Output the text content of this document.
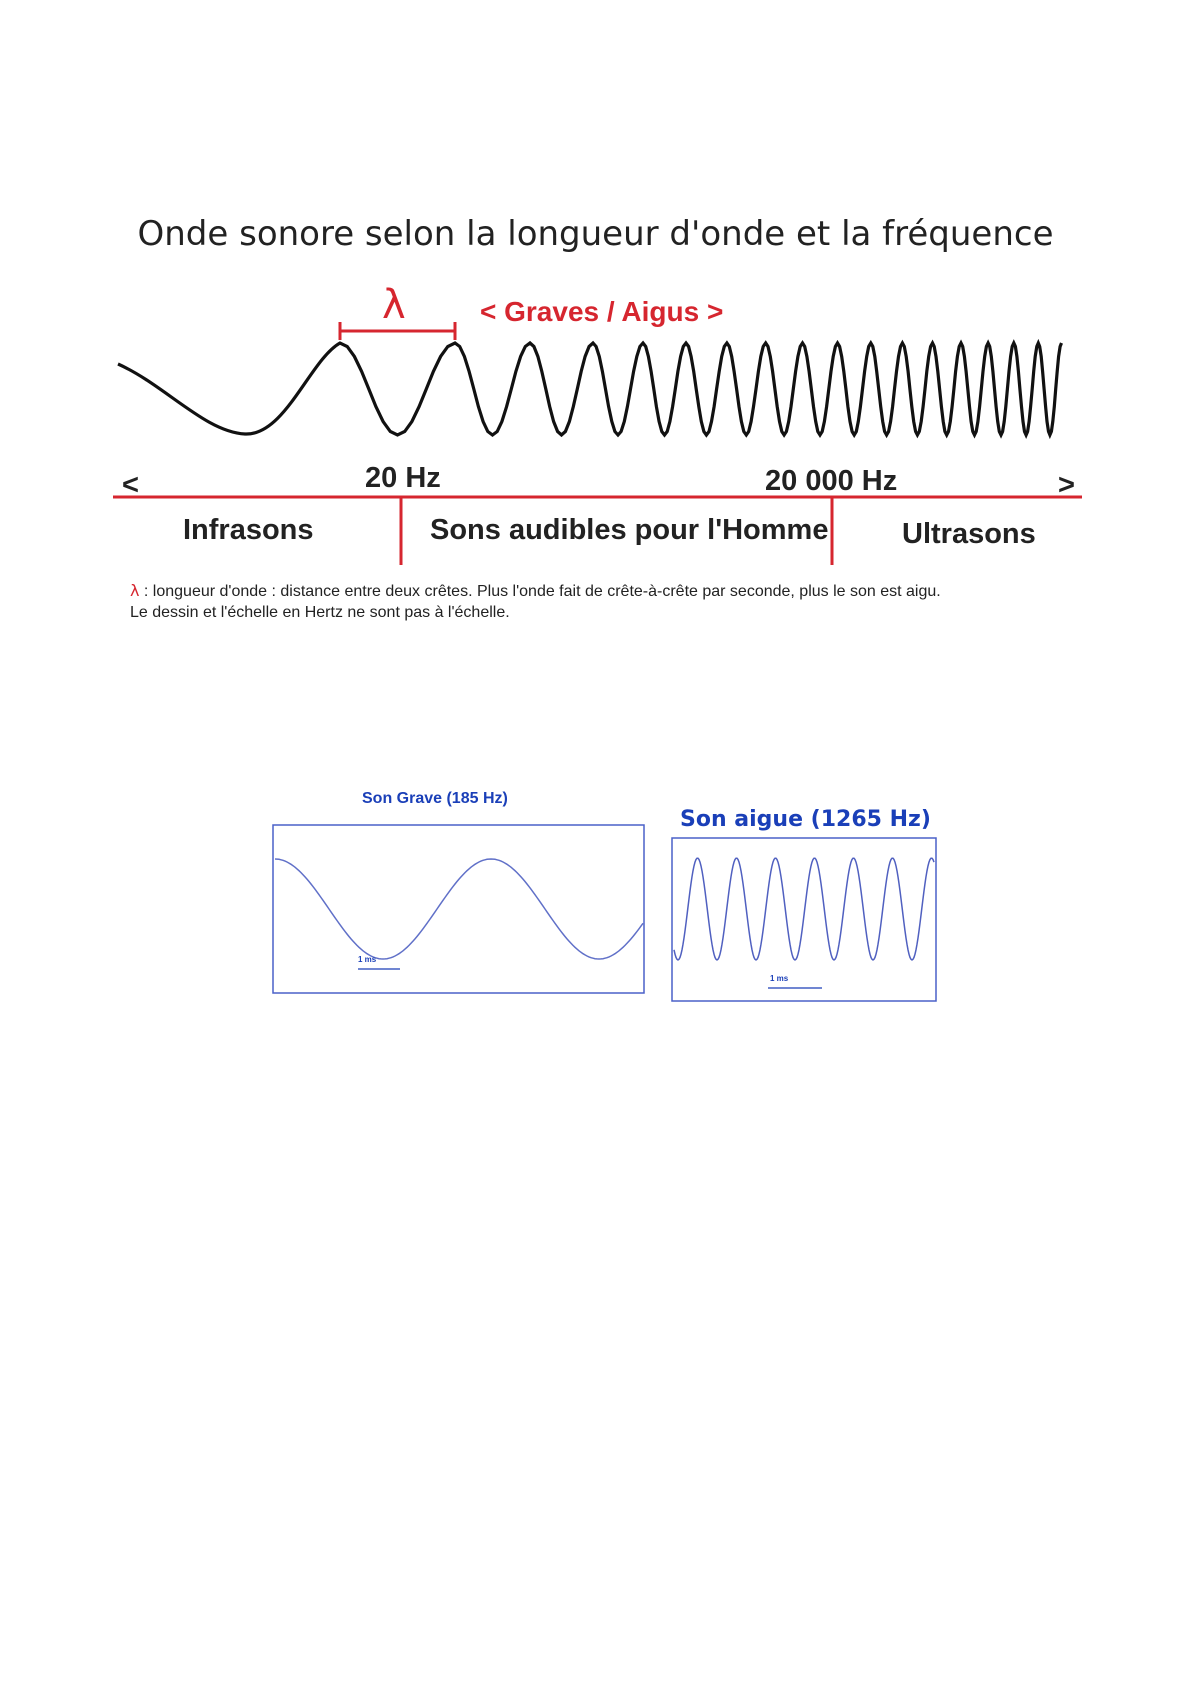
Onde sonore selon la longueur d'onde et la fréquence
λ	< Graves / Aigus >
<	20 Hz	20 000 Hz	>
Infrasons	Sons audibles pour l'Homme	Ultrasons
λ : longueur d'onde : distance entre deux crêtes. Plus l'onde fait de crête-à-crête par seconde, plus le son est aigu.
Le dessin et l'échelle en Hertz ne sont pas à l'échelle.
Son Grave (185 Hz)
Son aigue (1265 Hz)
1 ms
1 ms
